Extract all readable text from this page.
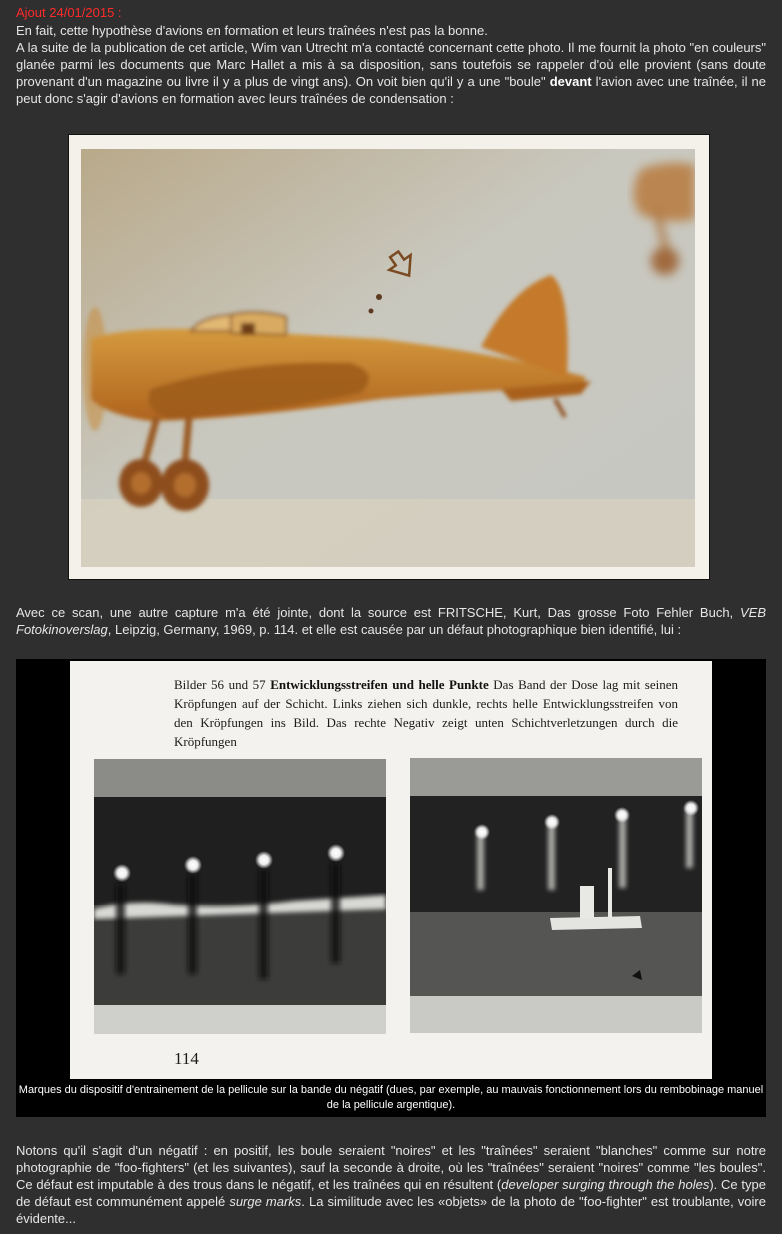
Ajout 24/01/2015 :
En fait, cette hypothèse d'avions en formation et leurs traînées n'est pas la bonne.
A la suite de la publication de cet article, Wim van Utrecht m'a contacté concernant cette photo. Il me fournit la photo "en couleurs" glanée parmi les documents que Marc Hallet a mis à sa disposition, sans toutefois se rappeler d'où elle provient (sans doute provenant d'un magazine ou livre il y a plus de vingt ans). On voit bien qu'il y a une "boule" devant l'avion avec une traînée, il ne peut donc s'agir d'avions en formation avec leurs traînées de condensation :
Avec ce scan, une autre capture m'a été jointe, dont la source est FRITSCHE, Kurt, Das grosse Foto Fehler Buch, VEB Fotokinoverslag, Leipzig, Germany, 1969, p. 114. et elle est causée par un défaut photographique bien identifié, lui :
Bilder 56 und 57 Entwicklungsstreifen und helle Punkte Das Band der Dose lag mit seinen Kröpfungen auf der Schicht. Links ziehen sich dunkle, rechts helle Entwicklungsstreifen von den Kröpfungen ins Bild. Das rechte Negativ zeigt unten Schichtverletzungen durch die Kröpfungen
114
Marques du dispositif d'entrainement de la pellicule sur la bande du négatif (dues, par exemple, au mauvais fonctionnement lors du rembobinage manuel de la pellicule argentique).
Notons qu'il s'agit d'un négatif : en positif, les boule seraient "noires" et les "traînées" seraient "blanches" comme sur notre photographie de "foo-fighters" (et les suivantes), sauf la seconde à droite, où les "traînées" seraient "noires" comme "les boules". Ce défaut est imputable à des trous dans le négatif, et les traînées qui en résultent (developer surging through the holes). Ce type de défaut est communément appelé surge marks. La similitude avec les «objets» de la photo de "foo-fighter" est troublante, voire évidente...
